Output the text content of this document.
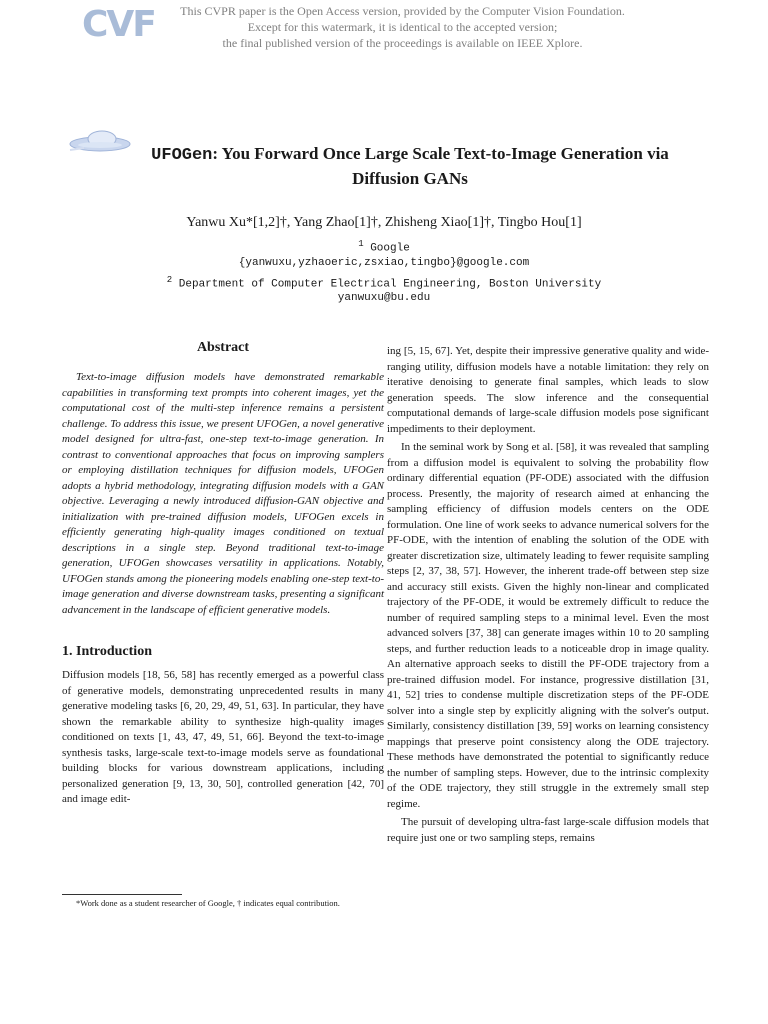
CVF	This CVPR paper is the Open Access version, provided by the Computer Vision Foundation.
Except for this watermark, it is identical to the accepted version;
the final published version of the proceedings is available on IEEE Xplore.
UFOGen: You Forward Once Large Scale Text-to-Image Generation via
Diffusion GANs
Yanwu Xu*[1,2]†, Yang Zhao[1]†, Zhisheng Xiao[1]†, Tingbo Hou[1]
$^1$ Google
{yanwuxu,yzhaoeric,zsxiao,tingbo}@google.com
$^2$ Department of Computer Electrical Engineering, Boston University
yanwuxu@bu.edu
Abstract

Text-to-image diffusion models have demonstrated remarkable capabilities in transforming text prompts into coherent images, yet the computational cost of the multi-step inference remains a persistent challenge. To address this issue, we present UFOGen, a novel generative model designed for ultra-fast, one-step text-to-image generation. In contrast to conventional approaches that focus on improving samplers or employing distillation techniques for diffusion models, UFOGen adopts a hybrid methodology, integrating diffusion models with a GAN objective. Leveraging a newly introduced diffusion-GAN objective and initialization with pre-trained diffusion models, UFOGen excels in efficiently generating high-quality images conditioned on textual descriptions in a single step. Beyond traditional text-to-image generation, UFOGen showcases versatility in applications. Notably, UFOGen stands among the pioneering models enabling one-step text-to-image generation and diverse downstream tasks, presenting a significant advancement in the landscape of efficient generative models.

1. Introduction

Diffusion models [18, 56, 58] has recently emerged as a powerful class of generative models, demonstrating unprecedented results in many generative modeling tasks [6, 20, 29, 49, 51, 63]. In particular, they have shown the remarkable ability to synthesize high-quality images conditioned on texts [1, 43, 47, 49, 51, 66]. Beyond the text-to-image synthesis tasks, large-scale text-to-image models serve as foundational building blocks for various downstream applications, including personalized generation [9, 13, 30, 50], controlled generation [42, 70] and image edit-

ing [5, 15, 67]. Yet, despite their impressive generative quality and wide-ranging utility, diffusion models have a notable limitation: they rely on iterative denoising to generate final samples, which leads to slow generation speeds. The slow inference and the consequential computational demands of large-scale diffusion models pose significant impediments to their deployment.

In the seminal work by Song et al. [58], it was revealed that sampling from a diffusion model is equivalent to solving the probability flow ordinary differential equation (PF-ODE) associated with the diffusion process. Presently, the majority of research aimed at enhancing the sampling efficiency of diffusion models centers on the ODE formulation. One line of work seeks to advance numerical solvers for the PF-ODE, with the intention of enabling the solution of the ODE with greater discretization size, ultimately leading to fewer requisite sampling steps [2, 37, 38, 57]. However, the inherent trade-off between step size and accuracy still exists. Given the highly non-linear and complicated trajectory of the PF-ODE, it would be extremely difficult to reduce the number of required sampling steps to a minimal level. Even the most advanced solvers [37, 38] can generate images within 10 to 20 sampling steps, and further reduction leads to a noticeable drop in image quality. An alternative approach seeks to distill the PF-ODE trajectory from a pre-trained diffusion model. For instance, progressive distillation [31, 41, 52] tries to condense multiple discretization steps of the PF-ODE solver into a single step by explicitly aligning with the solver's output. Similarly, consistency distillation [39, 59] works on learning consistency mappings that preserve point consistency along the ODE trajectory. These methods have demonstrated the potential to significantly reduce the number of sampling steps. However, due to the intrinsic complexity of the ODE trajectory, they still struggle in the extremely small step regime.

The pursuit of developing ultra-fast large-scale diffusion models that require just one or two sampling steps, remains

*Work done as a student researcher of Google, † indicates equal contribution.
